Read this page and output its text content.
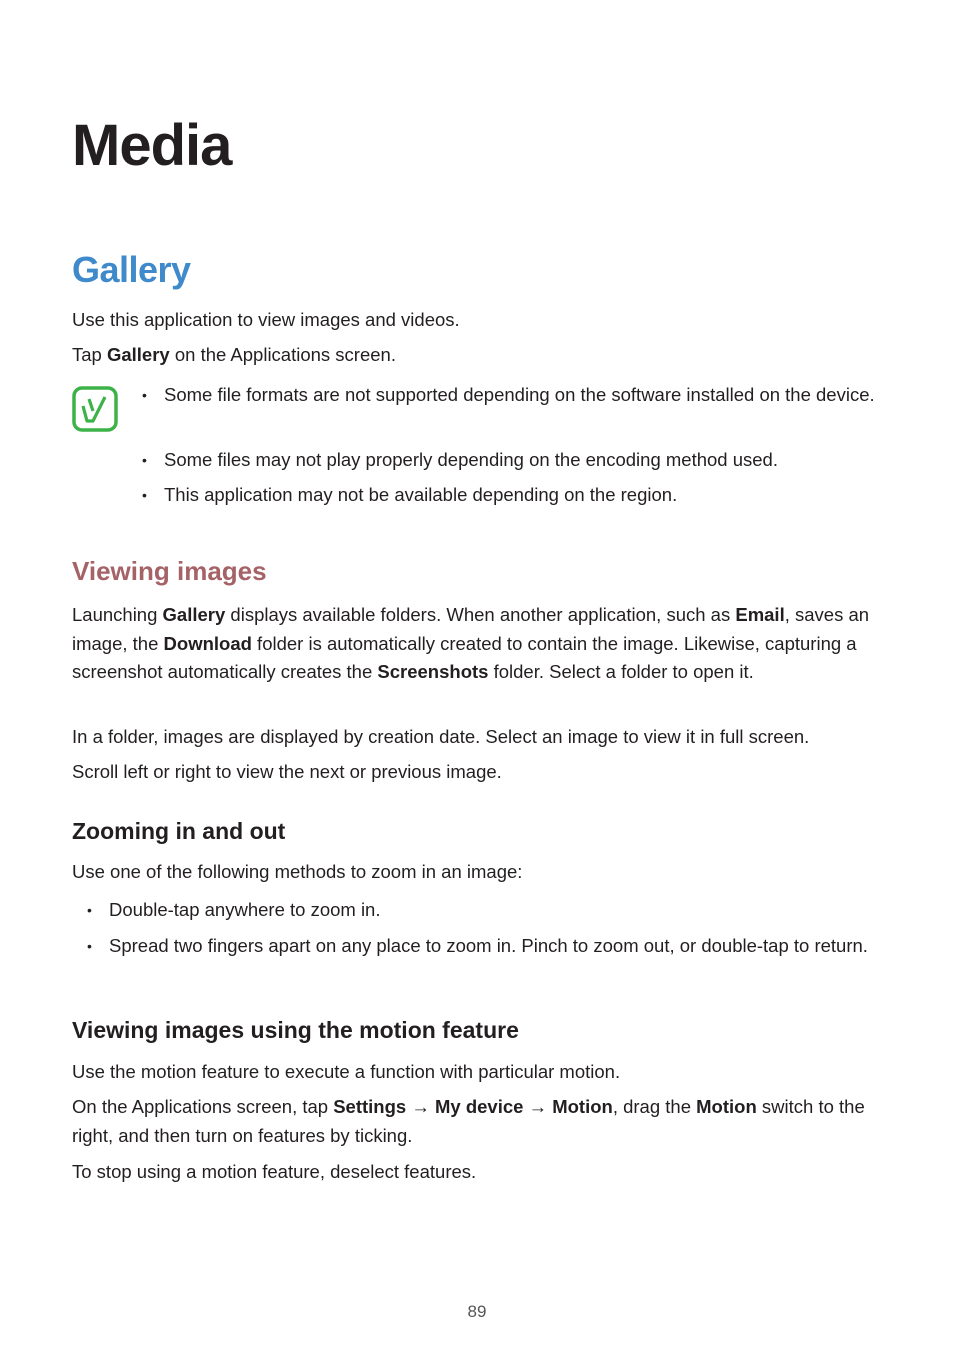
Media
Gallery

Use this application to view images and videos.

Tap Gallery on the Applications screen.

• Some file formats are not supported depending on the software installed on the device.
• Some files may not play properly depending on the encoding method used.
• This application may not be available depending on the region.
Viewing images

Launching Gallery displays available folders. When another application, such as Email, saves an image, the Download folder is automatically created to contain the image. Likewise, capturing a screenshot automatically creates the Screenshots folder. Select a folder to open it.

In a folder, images are displayed by creation date. Select an image to view it in full screen.

Scroll left or right to view the next or previous image.

Zooming in and out

Use one of the following methods to zoom in an image:

• Double-tap anywhere to zoom in.
• Spread two fingers apart on any place to zoom in. Pinch to zoom out, or double-tap to return.
Viewing images using the motion feature

Use the motion feature to execute a function with particular motion.

On the Applications screen, tap Settings → My device → Motion, drag the Motion switch to the right, and then turn on features by ticking.

To stop using a motion feature, deselect features.

89
